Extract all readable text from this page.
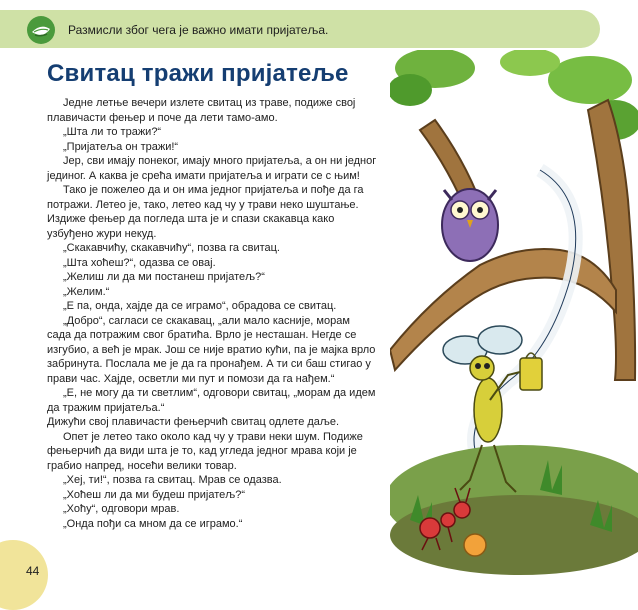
Размисли због чега је важно имати пријатеља.
Свитац тражи пријатеље

Једне летње вечери излете свитац из траве, подиже свој плавичасти фењер и поче да лети тамо-амо.

„Шта ли то тражи?“

„Пријатеља он тражи!“

Јер, сви имају понеког, имају много пријатеља, а он ни једног јединог. А каква је срећа имати пријатеља и играти се с њим!

Тако је пожелео да и он има једног пријатеља и пође да га потражи. Летео је, тако, летео кад чу у трави неко шуштање. Издиже фењер да погледа шта је и спази скакавца како узбуђено жури некуд.

„Скакавчићу, скакавчићу“, позва га свитац.

„Шта хоћеш?“, одазва се овај.

„Желиш ли да ми постанеш пријатељ?“

„Желим.“

„Е па, онда, хајде да се играмо“, обрадова се свитац.

„Добро“, сагласи се скакавац, „али мало касније, морам сада да потражим свог братића. Врло је несташан. Негде се изгубио, а већ је мрак. Још се није вратио кући, па је мајка врло забринута. Послала ме је да га пронађем. А ти си баш стигао у прави час. Хајде, осветли ми пут и помози да га нађем.“

„Е, не могу да ти светлим“, одговори свитац, „морам да идем да тражим пријатеља.“

Дижући свој плавичасти фењерчић свитац одлете даље.

Опет је летео тако около кад чу у трави неки шум. Подиже фењерчић да види шта је то, кад угледа једног мрава који је грабио напред, носећи велики товар.

„Хеј, ти!“, позва га свитац. Мрав се одазва.

„Хоћеш ли да ми будеш пријатељ?“

„Хоћу“, одговори мрав.

„Онда пођи са мном да се играмо.“

44
